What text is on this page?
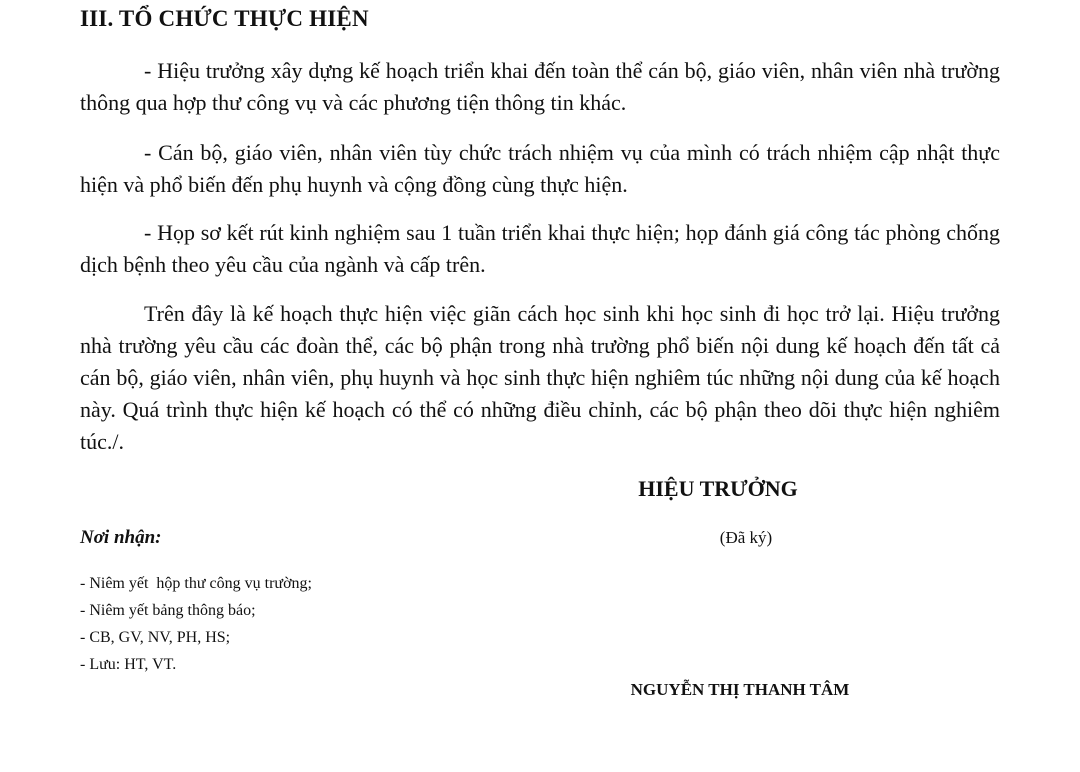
III. TỔ CHỨC THỰC HIỆN

- Hiệu trưởng xây dựng kế hoạch triển khai đến toàn thể cán bộ, giáo viên, nhân viên nhà trường thông qua hợp thư công vụ và các phương tiện thông tin khác.

- Cán bộ, giáo viên, nhân viên tùy chức trách nhiệm vụ của mình có trách nhiệm cập nhật thực hiện và phổ biến đến phụ huynh và cộng đồng cùng thực hiện.

- Họp sơ kết rút kinh nghiệm sau 1 tuần triển khai thực hiện; họp đánh giá công tác phòng chống dịch bệnh theo yêu cầu của ngành và cấp trên.

Trên đây là kế hoạch thực hiện việc giãn cách học sinh khi học sinh đi học trở lại. Hiệu trưởng nhà trường yêu cầu các đoàn thể, các bộ phận trong nhà trường phổ biến nội dung kế hoạch đến tất cả cán bộ, giáo viên, nhân viên, phụ huynh và học sinh thực hiện nghiêm túc những nội dung của kế hoạch này. Quá trình thực hiện kế hoạch có thể có những điều chỉnh, các bộ phận theo dõi thực hiện nghiêm túc./.

HIỆU TRƯỞNG

Nơi nhận:	(Đã ký)

- Niêm yết  hộp thư công vụ trường;
- Niêm yết bảng thông báo;
- CB, GV, NV, PH, HS;
- Lưu: HT, VT.

NGUYỄN THỊ THANH TÂM
